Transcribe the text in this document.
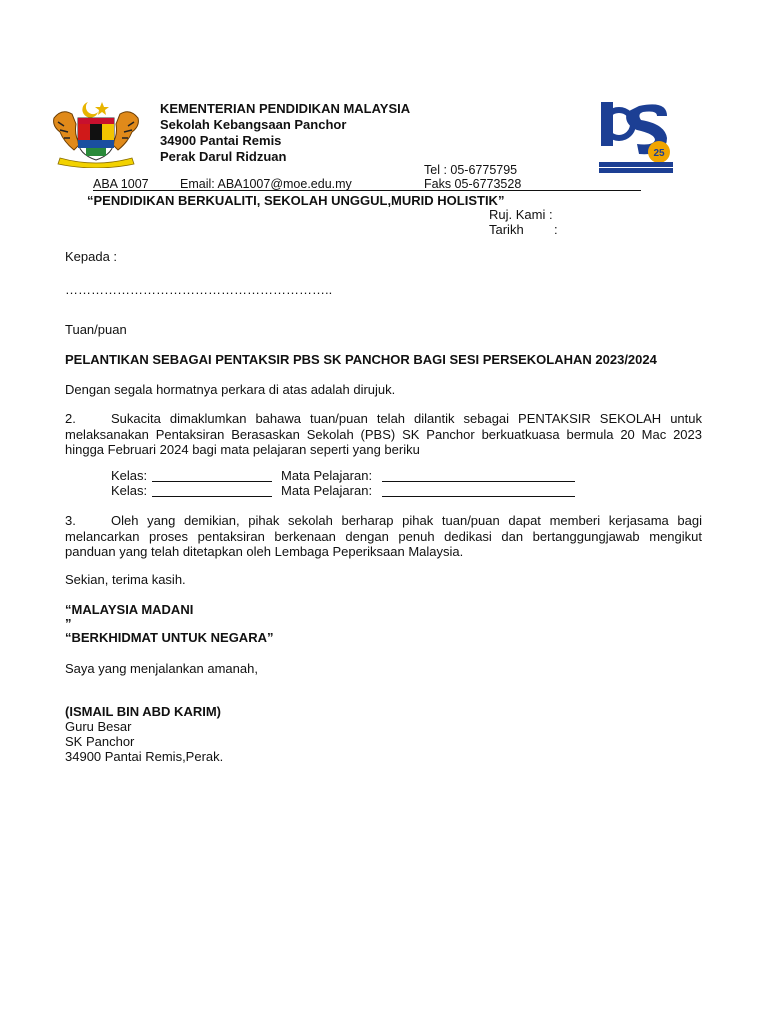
25
KEMENTERIAN PENDIDIKAN MALAYSIA
Sekolah Kebangsaan Panchor
34900 Pantai Remis
Perak Darul Ridzuan
Tel : 05-6775795
ABA 1007	Email: ABA1007@moe.edu.my	Faks 05-6773528
“PENDIDIKAN BERKUALITI, SEKOLAH UNGGUL,MURID HOLISTIK”
Ruj. Kami :
Tarikh :
Kepada :
……………………………………………………..
Tuan/puan
PELANTIKAN SEBAGAI PENTAKSIR PBS SK PANCHOR BAGI SESI PERSEKOLAHAN 2023/2024
Dengan segala hormatnya perkara di atas adalah dirujuk.
2.	Sukacita dimaklumkan bahawa tuan/puan telah dilantik sebagai PENTAKSIR SEKOLAH untuk
melaksanakan Pentaksiran Berasaskan Sekolah (PBS) SK Panchor berkuatkuasa bermula 20 Mac 2023 hingga Februari 2024 bagi mata pelajaran seperti yang beriku
Kelas:	Mata Pelajaran:
Kelas:	Mata Pelajaran:
3.	Oleh yang demikian, pihak sekolah berharap pihak tuan/puan dapat memberi kerjasama bagi
melancarkan proses pentaksiran berkenaan dengan penuh dedikasi dan bertanggungjawab mengikut panduan yang telah ditetapkan oleh Lembaga Peperiksaan Malaysia.
Sekian, terima kasih.
“MALAYSIA MADANI
”
“BERKHIDMAT UNTUK NEGARA”
Saya yang menjalankan amanah,
(ISMAIL BIN ABD KARIM)
Guru Besar
SK Panchor
34900 Pantai Remis,Perak.
